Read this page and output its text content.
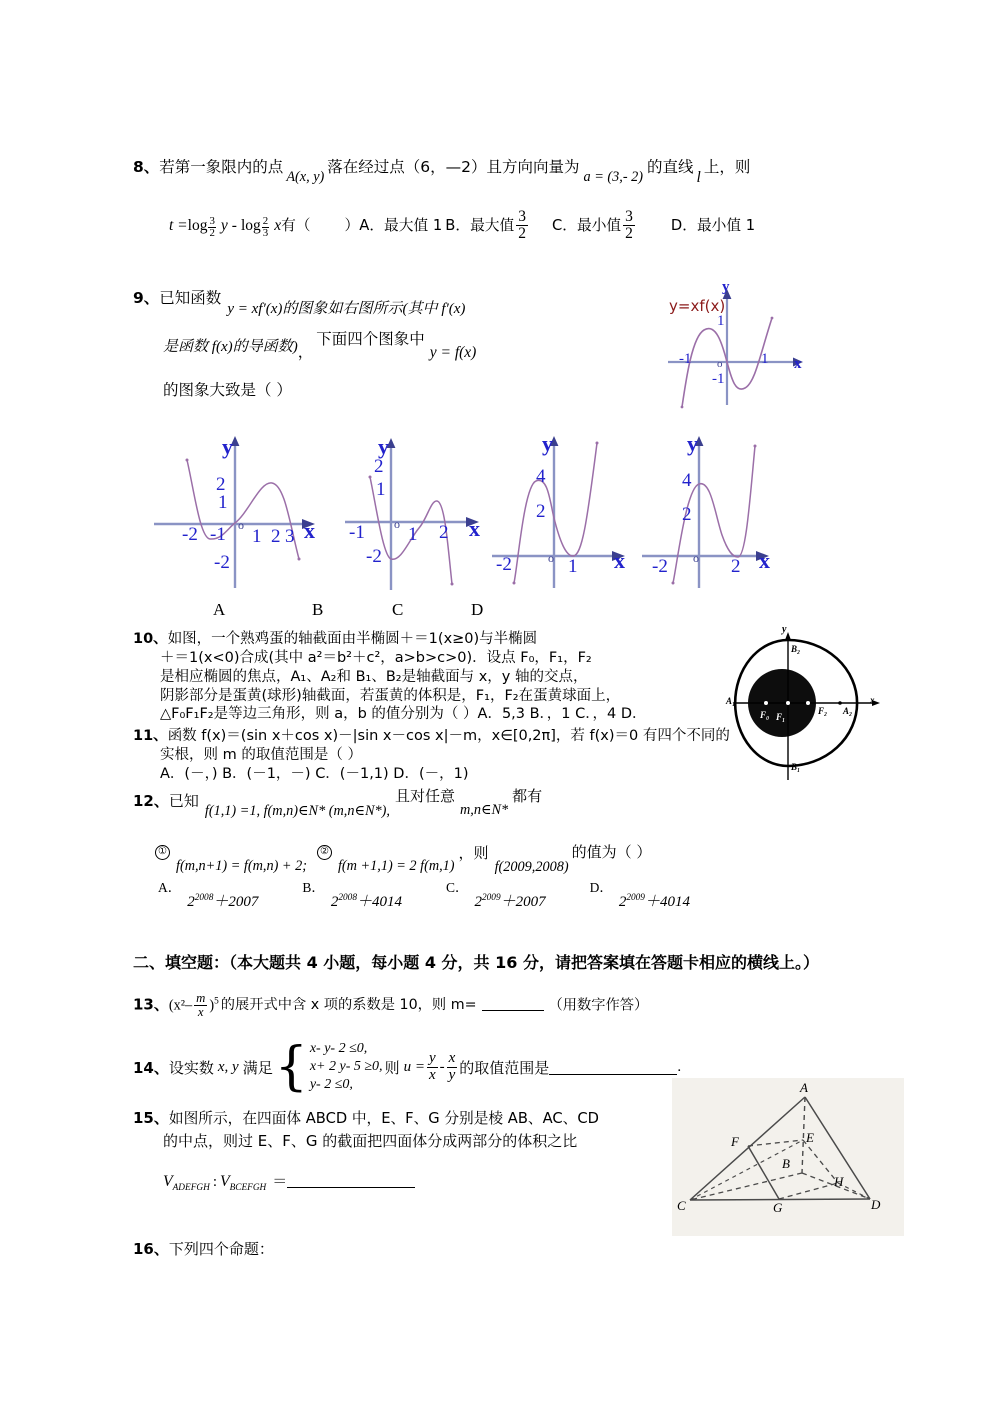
8、若第一象限内的点A(x, y)落在经过点（6，—2）且方向向量为a = (3,- 2)的直线l上，则
$t =\log \frac{3}{2}$ y - $\log \frac{2}{3}$ x有（ ）A．最大值 1 B．最大值 $\frac{3}{2}$ C．最小值 $\frac{3}{2}$ D．最小值 1
9、已知函数y = xf′(x)的图象如右图所示(其中 f′(x)
是函数 f(x)的导函数)，下面四个图象中y = f(x)
的图象大致是（ ）
y
x
y=xf(x)
1
-1
-1	1
o
y
x
2
1
-2
-2 -1 1 2 3
o
y
x
2
1
-2
-1 1 2
o
y
x
4
2
-2	1
o
y
x
4
2
-2	2
o
A	B	C	D
10、如图，一个熟鸡蛋的轴截面由半椭圆＋＝1(x≥0)与半椭圆
＋＝1(x<0)合成(其中 a²＝b²＋c²，a>b>c>0)．设点 F₀，F₁，F₂
是相应椭圆的焦点，A₁、A₂和 B₁、B₂是轴截面与 x，y 轴的交点，
阴影部分是蛋黄(球形)轴截面，若蛋黄的体积是，F₁，F₂在蛋黄球面上，
△F₀F₁F₂是等边三角形，则 a，b 的值分别为（ ）A．5,3 B．，1 C．，4 D．
y
B₂
A₁
F₁
F₀	F₂ A₂
x
B₁
11、函数 f(x)＝(sin x＋cos x)－|sin x－cos x|－m，x∈[0,2π]，若 f(x)＝0 有四个不同的
实根，则 m 的取值范围是（ ）
A．(－，) B．(－1，－) C．(－1,1) D．(－，1)
12、已知f(1,1) =1, f(m,n)∈N* (m,n∈N*),且对任意m,n∈N*都有
①f(m,n+1) = f(m,n) + 2;②f(m +1,1) = 2 f(m,1)，则f(2009,2008)的值为（ ）
A．$2^{2008}+2007B$．$2^{2008}+4014C$．$2^{2009}+2007D$．$2^{2009}+4014$
二、填空题：（本大题共 4 小题，每小题 4 分，共 16 分，请把答案填在答题卡相应的横线上。）
13、$(x^2- \frac{m}{x} )^5$ 的展开式中含 x 项的系数是 10，则 m=	（用数字作答）
14、设实数 x, y 满足{ x- y- 2 ≤0,
x+ 2 y- 5 ≥0,
y- 2 ≤0,
则 $u = \frac{y}{x} - \frac{x}{y}$ 的取值范围是	.
15、如图所示，在四面体 ABCD 中，E、F、G 分别是棱 AB、AC、CD
的中点，则过 E、F、G 的截面把四面体分成两部分的体积之比
$V_{ADEFGH}$ : $V_{BCEFGH}$ ＝
A
F	E
B
H
C	G	D
16、下列四个命题：
